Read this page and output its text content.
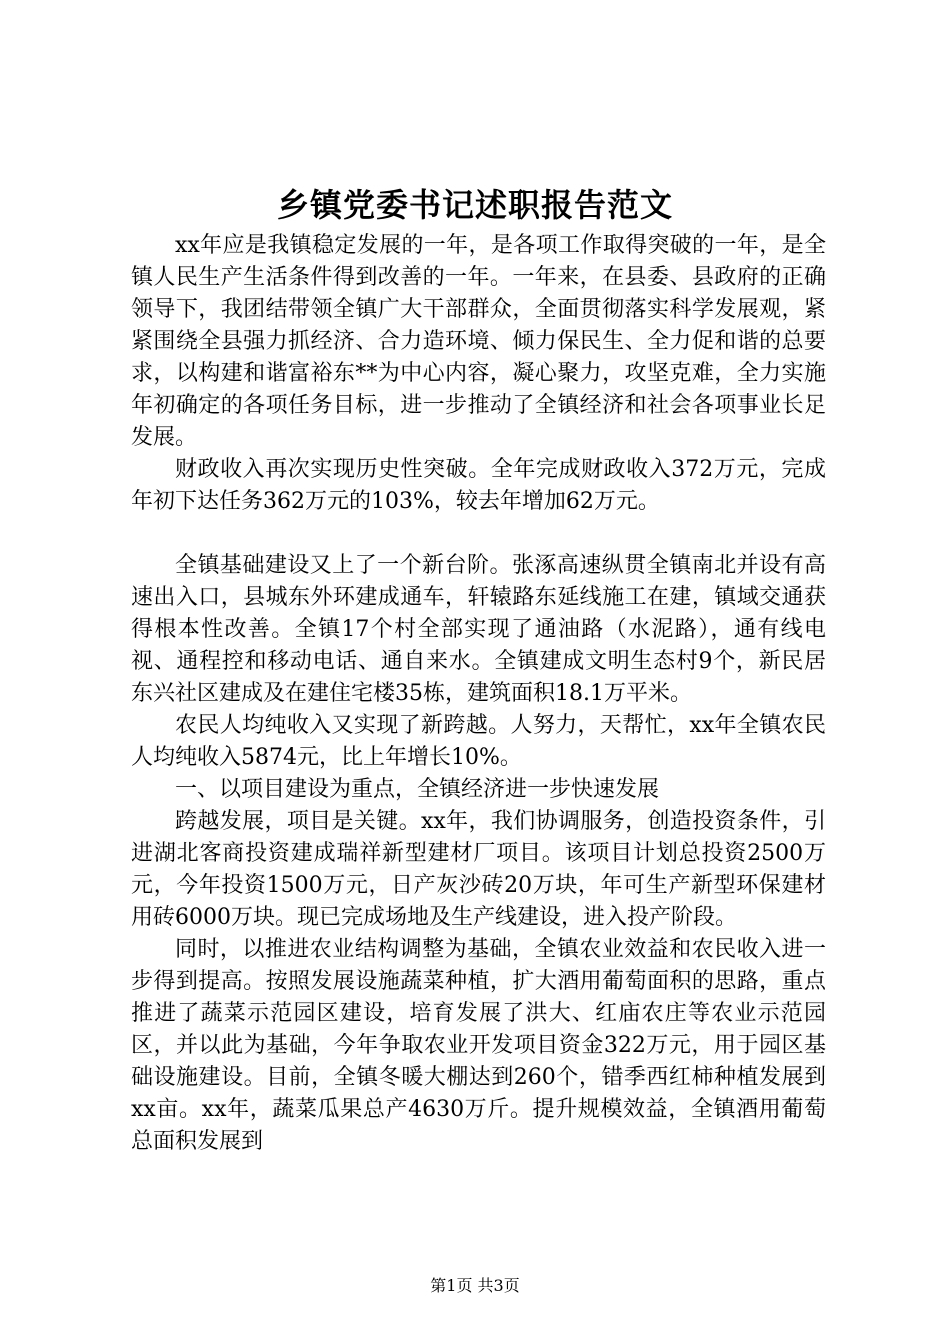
乡镇党委书记述职报告范文

xx年应是我镇稳定发展的一年，是各项工作取得突破的一年，是全镇人民生产生活条件得到改善的一年。一年来，在县委、县政府的正确领导下，我团结带领全镇广大干部群众，全面贯彻落实科学发展观，紧紧围绕全县强力抓经济、合力造环境、倾力保民生、全力促和谐的总要求，以构建和谐富裕东**为中心内容，凝心聚力，攻坚克难，全力实施年初确定的各项任务目标，进一步推动了全镇经济和社会各项事业长足发展。

财政收入再次实现历史性突破。全年完成财政收入372万元，完成年初下达任务362万元的103%，较去年增加62万元。

全镇基础建设又上了一个新台阶。张涿高速纵贯全镇南北并设有高速出入口，县城东外环建成通车，轩辕路东延线施工在建，镇域交通获得根本性改善。全镇17个村全部实现了通油路（水泥路），通有线电视、通程控和移动电话、通自来水。全镇建成文明生态村9个，新民居东兴社区建成及在建住宅楼35栋，建筑面积18.1万平米。

农民人均纯收入又实现了新跨越。人努力，天帮忙，xx年全镇农民人均纯收入5874元，比上年增长10%。

一、以项目建设为重点，全镇经济进一步快速发展

跨越发展，项目是关键。xx年，我们协调服务，创造投资条件，引进湖北客商投资建成瑞祥新型建材厂项目。该项目计划总投资2500万元，今年投资1500万元，日产灰沙砖20万块，年可生产新型环保建材用砖6000万块。现已完成场地及生产线建设，进入投产阶段。

同时，以推进农业结构调整为基础，全镇农业效益和农民收入进一步得到提高。按照发展设施蔬菜种植，扩大酒用葡萄面积的思路，重点推进了蔬菜示范园区建设，培育发展了洪大、红庙农庄等农业示范园区，并以此为基础，今年争取农业开发项目资金322万元，用于园区基础设施建设。目前，全镇冬暖大棚达到260个，错季西红柿种植发展到xx亩。xx年，蔬菜瓜果总产4630万斤。提升规模效益，全镇酒用葡萄总面积发展到

第1页 共3页
